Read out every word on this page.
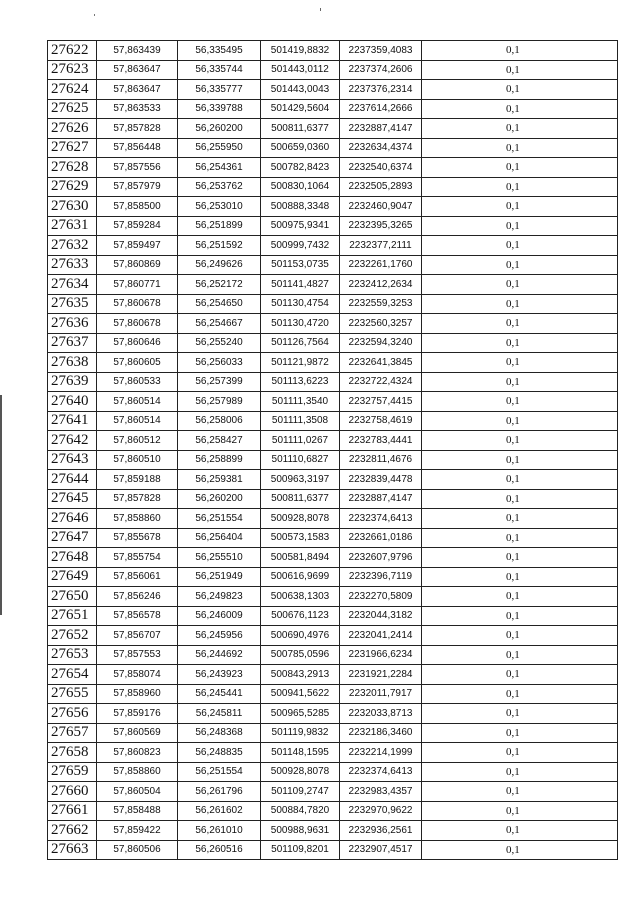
27622	57,863439	56,335495	501419,8832	2237359,4083	0,1
27623	57,863647	56,335744	501443,0112	2237374,2606	0,1
27624	57,863647	56,335777	501443,0043	2237376,2314	0,1
27625	57,863533	56,339788	501429,5604	2237614,2666	0,1
27626	57,857828	56,260200	500811,6377	2232887,4147	0,1
27627	57,856448	56,255950	500659,0360	2232634,4374	0,1
27628	57,857556	56,254361	500782,8423	2232540,6374	0,1
27629	57,857979	56,253762	500830,1064	2232505,2893	0,1
27630	57,858500	56,253010	500888,3348	2232460,9047	0,1
27631	57,859284	56,251899	500975,9341	2232395,3265	0,1
27632	57,859497	56,251592	500999,7432	2232377,2111	0,1
27633	57,860869	56,249626	501153,0735	2232261,1760	0,1
27634	57,860771	56,252172	501141,4827	2232412,2634	0,1
27635	57,860678	56,254650	501130,4754	2232559,3253	0,1
27636	57,860678	56,254667	501130,4720	2232560,3257	0,1
27637	57,860646	56,255240	501126,7564	2232594,3240	0,1
27638	57,860605	56,256033	501121,9872	2232641,3845	0,1
27639	57,860533	56,257399	501113,6223	2232722,4324	0,1
27640	57,860514	56,257989	501111,3540	2232757,4415	0,1
27641	57,860514	56,258006	501111,3508	2232758,4619	0,1
27642	57,860512	56,258427	501111,0267	2232783,4441	0,1
27643	57,860510	56,258899	501110,6827	2232811,4676	0,1
27644	57,859188	56,259381	500963,3197	2232839,4478	0,1
27645	57,857828	56,260200	500811,6377	2232887,4147	0,1
27646	57,858860	56,251554	500928,8078	2232374,6413	0,1
27647	57,855678	56,256404	500573,1583	2232661,0186	0,1
27648	57,855754	56,255510	500581,8494	2232607,9796	0,1
27649	57,856061	56,251949	500616,9699	2232396,7119	0,1
27650	57,856246	56,249823	500638,1303	2232270,5809	0,1
27651	57,856578	56,246009	500676,1123	2232044,3182	0,1
27652	57,856707	56,245956	500690,4976	2232041,2414	0,1
27653	57,857553	56,244692	500785,0596	2231966,6234	0,1
27654	57,858074	56,243923	500843,2913	2231921,2284	0,1
27655	57,858960	56,245441	500941,5622	2232011,7917	0,1
27656	57,859176	56,245811	500965,5285	2232033,8713	0,1
27657	57,860569	56,248368	501119,9832	2232186,3460	0,1
27658	57,860823	56,248835	501148,1595	2232214,1999	0,1
27659	57,858860	56,251554	500928,8078	2232374,6413	0,1
27660	57,860504	56,261796	501109,2747	2232983,4357	0,1
27661	57,858488	56,261602	500884,7820	2232970,9622	0,1
27662	57,859422	56,261010	500988,9631	2232936,2561	0,1
27663	57,860506	56,260516	501109,8201	2232907,4517	0,1
